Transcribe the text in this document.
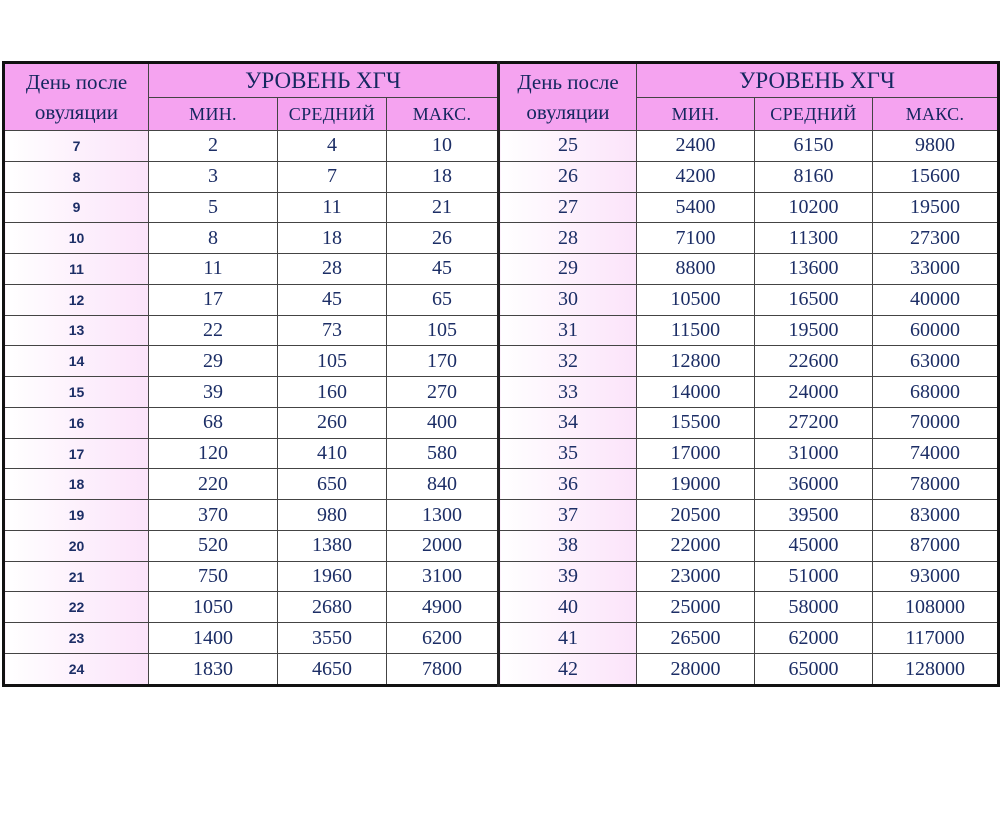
День после
овуляции	УРОВЕНЬ ХГЧ			День после
овуляции	УРОВЕНЬ ХГЧ		
	МИН.	СРЕДНИЙ	МАКС.		МИН.	СРЕДНИЙ	МАКС.
7	2	4	10	25	2400	6150	9800
8	3	7	18	26	4200	8160	15600
9	5	11	21	27	5400	10200	19500
10	8	18	26	28	7100	11300	27300
11	11	28	45	29	8800	13600	33000
12	17	45	65	30	10500	16500	40000
13	22	73	105	31	11500	19500	60000
14	29	105	170	32	12800	22600	63000
15	39	160	270	33	14000	24000	68000
16	68	260	400	34	15500	27200	70000
17	120	410	580	35	17000	31000	74000
18	220	650	840	36	19000	36000	78000
19	370	980	1300	37	20500	39500	83000
20	520	1380	2000	38	22000	45000	87000
21	750	1960	3100	39	23000	51000	93000
22	1050	2680	4900	40	25000	58000	108000
23	1400	3550	6200	41	26500	62000	117000
24	1830	4650	7800	42	28000	65000	128000
